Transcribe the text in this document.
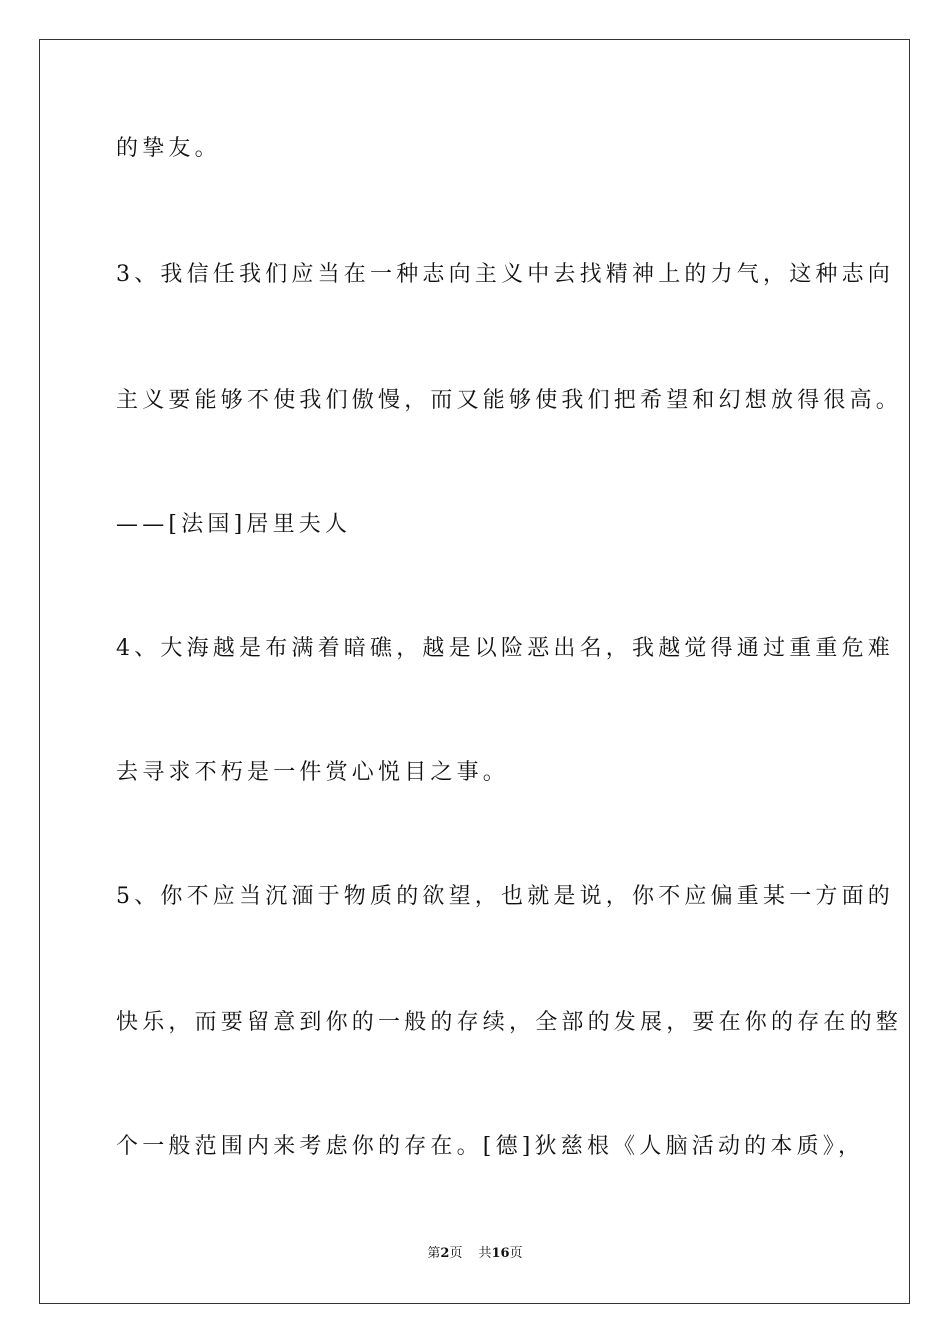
的挚友。
3、我信任我们应当在一种志向主义中去找精神上的力气，这种志向
主义要能够不使我们傲慢，而又能够使我们把希望和幻想放得很高。
——[法国]居里夫人
4、大海越是布满着暗礁，越是以险恶出名，我越觉得通过重重危难
去寻求不朽是一件赏心悦目之事。
5、你不应当沉湎于物质的欲望，也就是说，你不应偏重某一方面的
快乐，而要留意到你的一般的存续，全部的发展，要在你的存在的整
个一般范围内来考虑你的存在。[德]狄慈根《人脑活动的本质》，
第2页 共16页
